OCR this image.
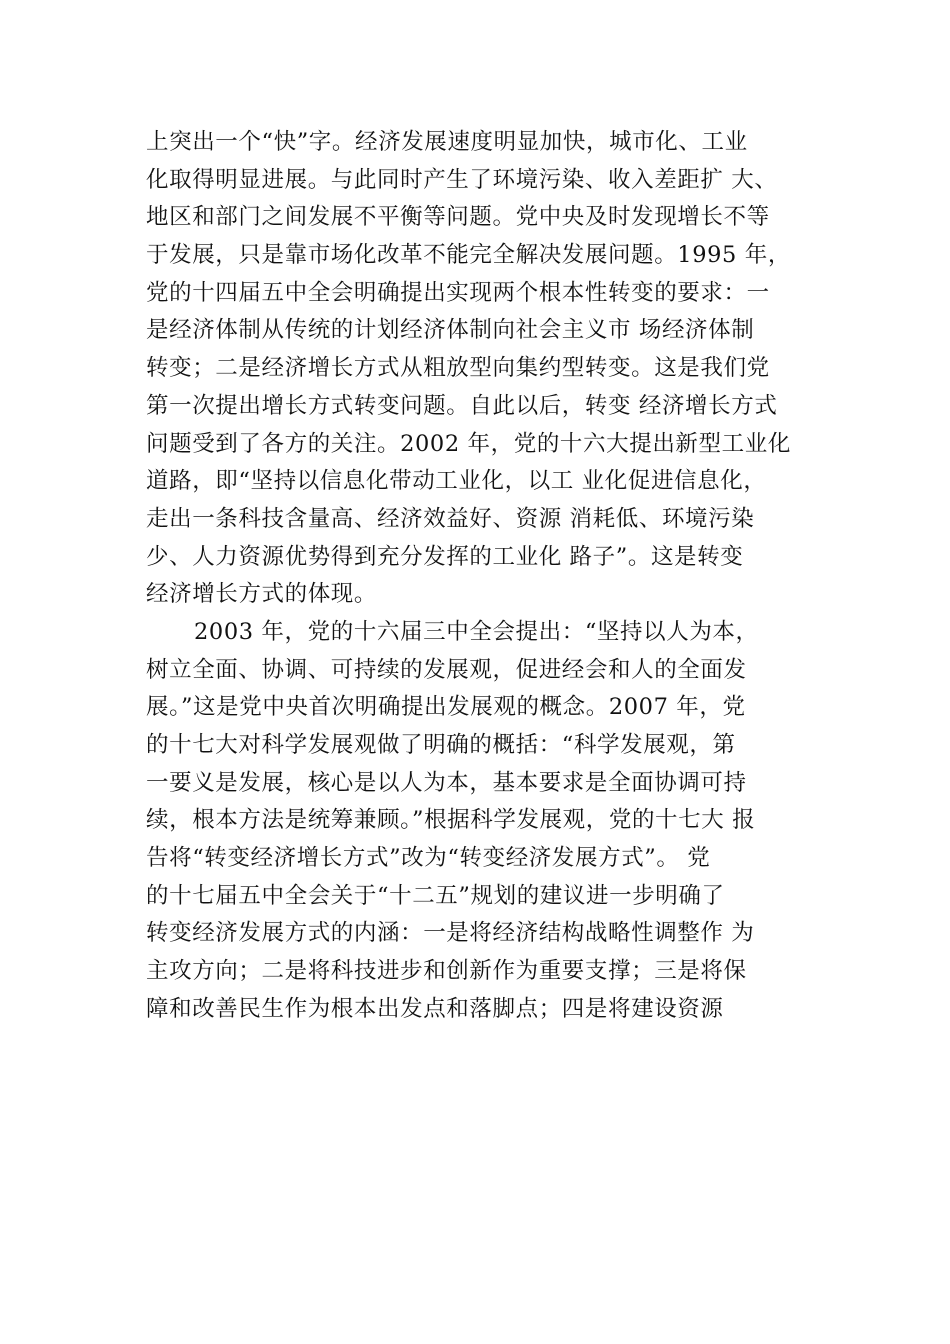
上突出一个“快”字。经济发展速度明显加快，城市化、工业
化取得明显进展。与此同时产生了环境污染、收入差距扩 大、
地区和部门之间发展不平衡等问题。党中央及时发现增长不等
于发展，只是靠市场化改革不能完全解决发展问题。1995 年，
党的十四届五中全会明确提出实现两个根本性转变的要求：一
是经济体制从传统的计划经济体制向社会主义市 场经济体制
转变；二是经济增长方式从粗放型向集约型转变。这是我们党
第一次提出增长方式转变问题。自此以后，转变 经济增长方式
问题受到了各方的关注。2002 年，党的十六大提出新型工业化
道路，即“坚持以信息化带动工业化，以工 业化促进信息化，
走出一条科技含量高、经济效益好、资源 消耗低、环境污染
少、人力资源优势得到充分发挥的工业化 路子”。这是转变
经济增长方式的体现。
2003 年，党的十六届三中全会提出：“坚持以人为本，
树立全面、协调、可持续的发展观，促进经会和人的全面发
展。”这是党中央首次明确提出发展观的概念。2007 年，党
的十七大对科学发展观做了明确的概括：“科学发展观，第
一要义是发展，核心是以人为本，基本要求是全面协调可持
续，根本方法是统筹兼顾。”根据科学发展观，党的十七大 报
告将“转变经济增长方式”改为“转变经济发展方式”。 党
的十七届五中全会关于“十二五”规划的建议进一步明确了
转变经济发展方式的内涵：一是将经济结构战略性调整作 为
主攻方向；二是将科技进步和创新作为重要支撑；三是将保
障和改善民生作为根本出发点和落脚点；四是将建设资源
